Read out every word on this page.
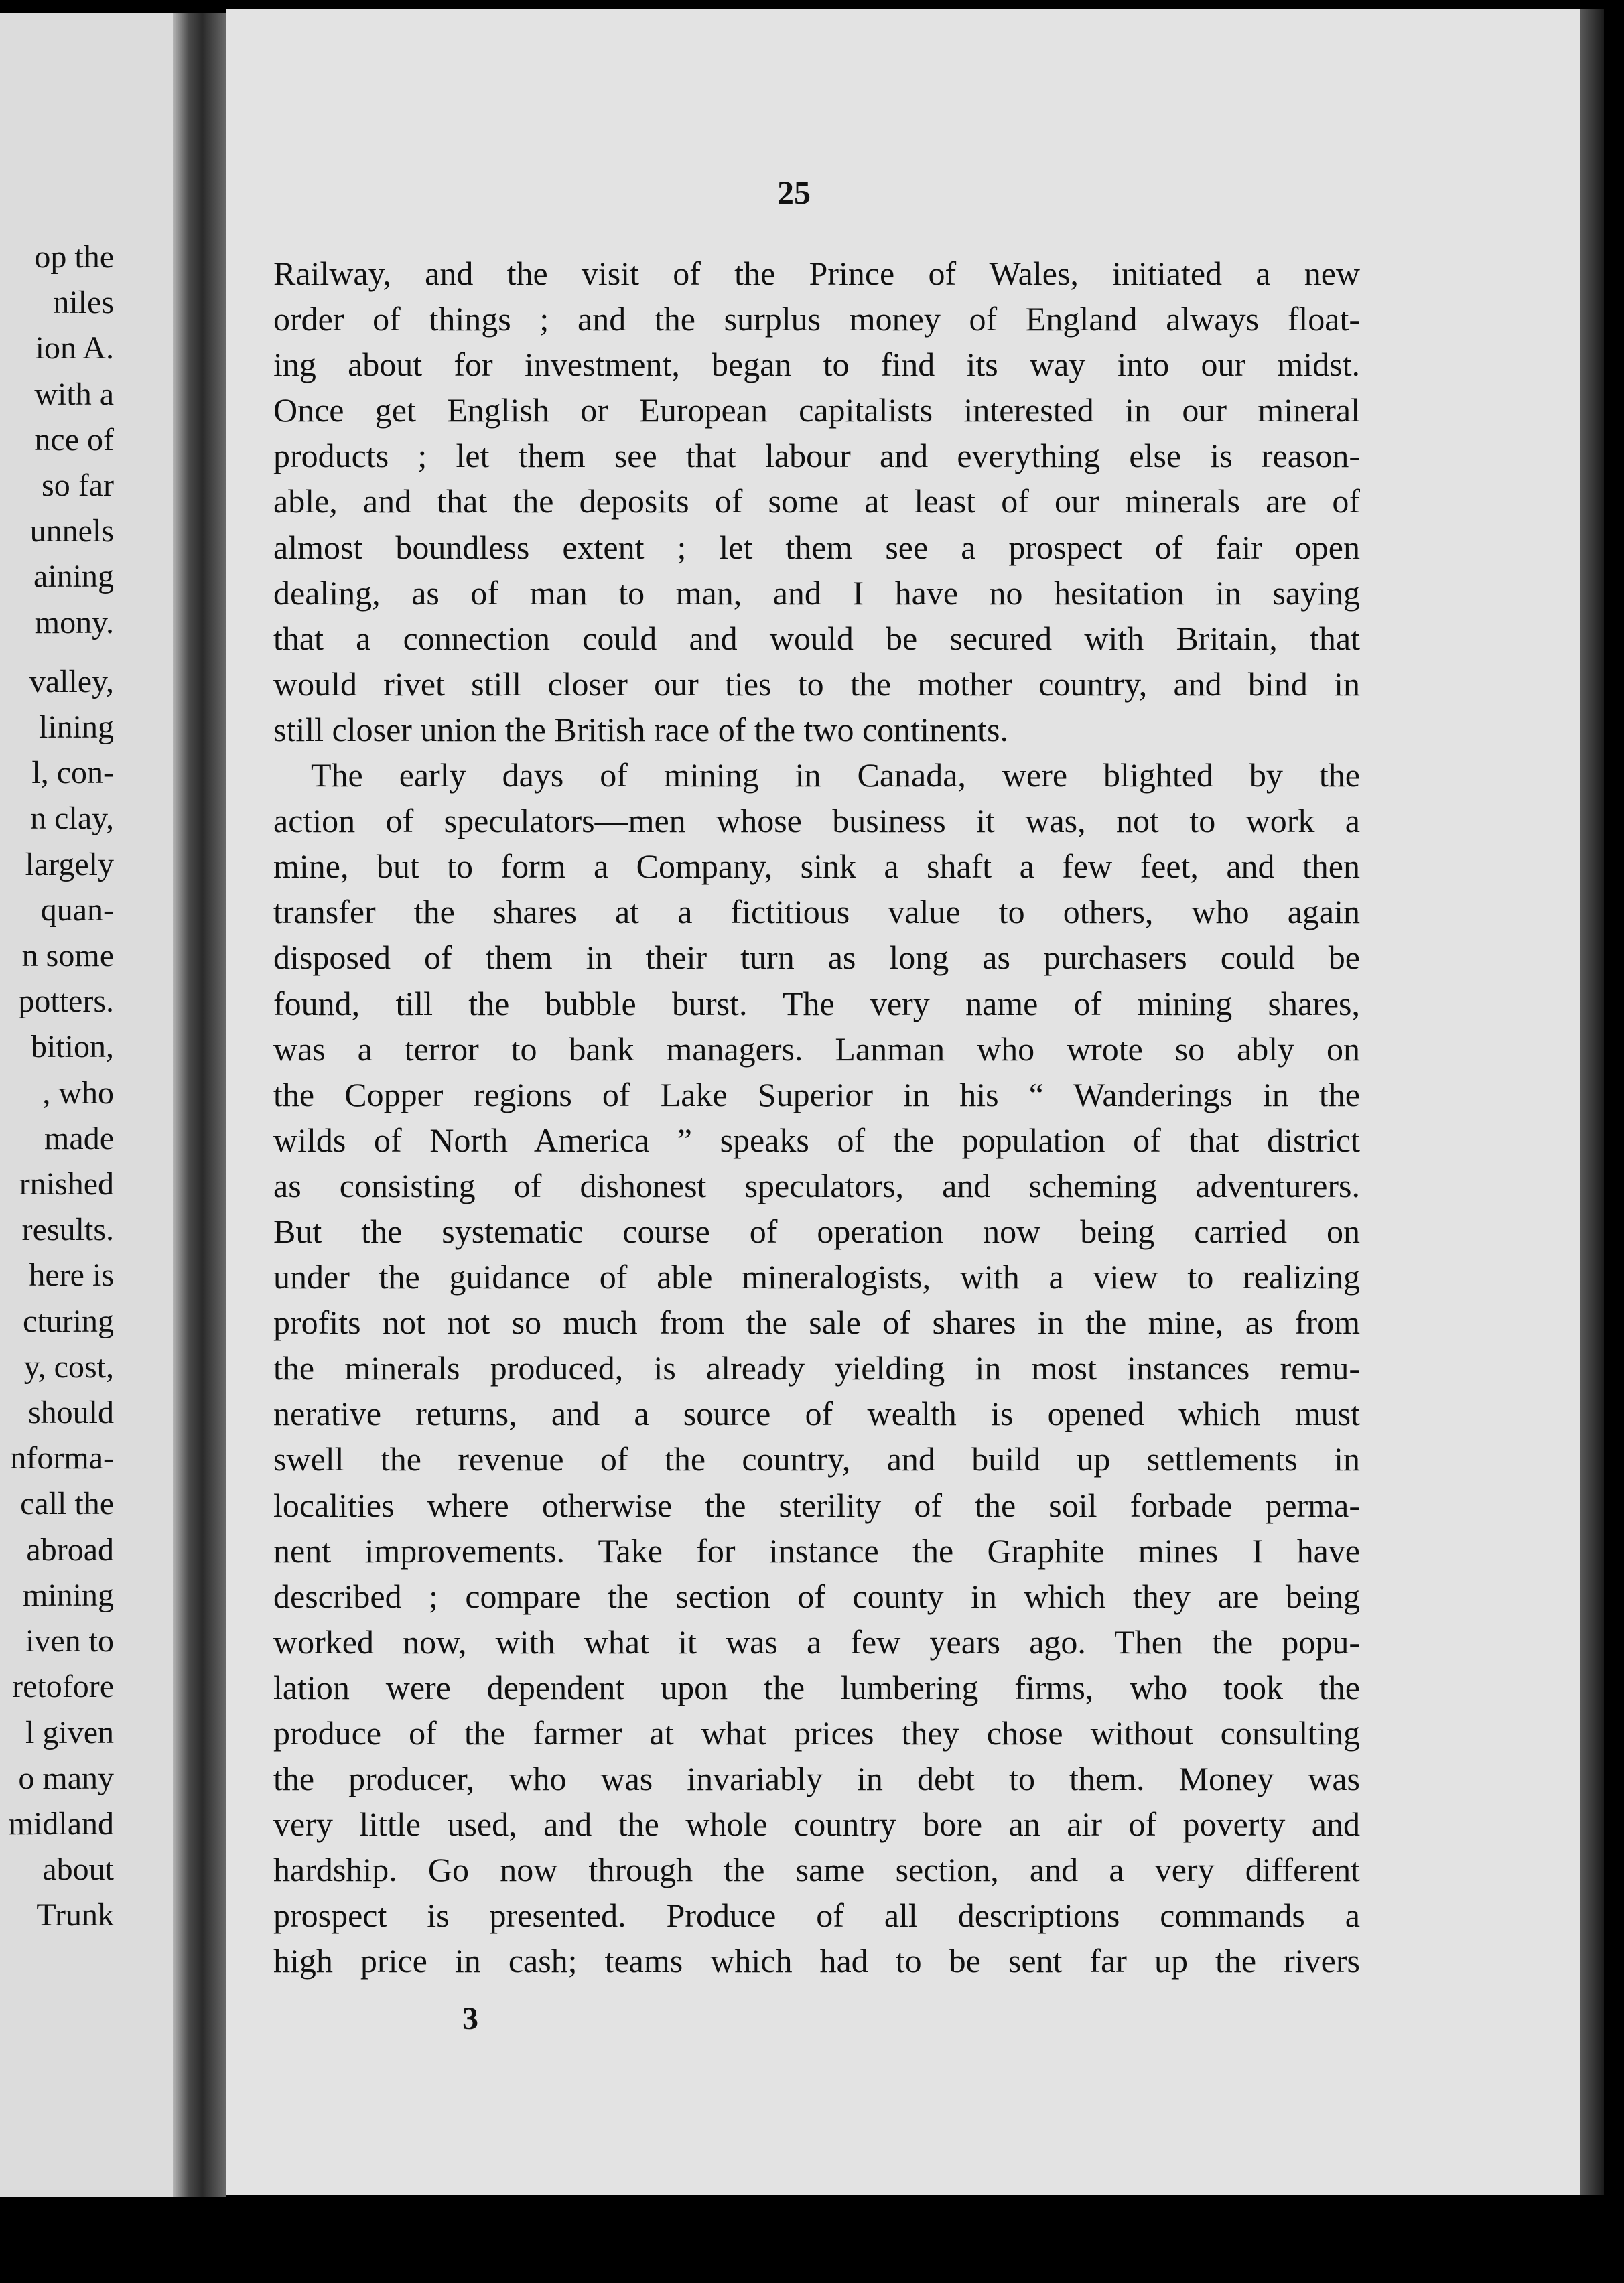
op the
niles
ion A.
with a
nce of
so far
unnels
aining
mony.
valley,
lining
l, con-
n clay,
largely
quan-
n some
potters.
bition,
, who
made
rnished
results.
here is
cturing
y, cost,
should
nforma-
call the
abroad
mining
iven to
retofore
l given
o many
midland
about
Trunk
25
Railway, and the visit of the Prince of Wales, initiated a new
order of things ; and the surplus money of England always float-
ing about for investment, began to find its way into our midst.
Once get English or European capitalists interested in our mineral
products ; let them see that labour and everything else is reason-
able, and that the deposits of some at least of our minerals are of
almost boundless extent ; let them see a prospect of fair open
dealing, as of man to man, and I have no hesitation in saying
that a connection could and would be secured with Britain, that
would rivet still closer our ties to the mother country, and bind in
still closer union the British race of the two continents.
The early days of mining in Canada, were blighted by the
action of speculators—men whose business it was, not to work a
mine, but to form a Company, sink a shaft a few feet, and then
transfer the shares at a fictitious value to others, who again
disposed of them in their turn as long as purchasers could be
found, till the bubble burst. The very name of mining shares,
was a terror to bank managers. Lanman who wrote so ably on
the Copper regions of Lake Superior in his “ Wanderings in the
wilds of North America ” speaks of the population of that district
as consisting of dishonest speculators, and scheming adventurers.
But the systematic course of operation now being carried on
under the guidance of able mineralogists, with a view to realizing
profits not not so much from the sale of shares in the mine, as from
the minerals produced, is already yielding in most instances remu-
nerative returns, and a source of wealth is opened which must
swell the revenue of the country, and build up settlements in
localities where otherwise the sterility of the soil forbade perma-
nent improvements. Take for instance the Graphite mines I have
described ; compare the section of county in which they are being
worked now, with what it was a few years ago. Then the popu-
lation were dependent upon the lumbering firms, who took the
produce of the farmer at what prices they chose without consulting
the producer, who was invariably in debt to them. Money was
very little used, and the whole country bore an air of poverty and
hardship. Go now through the same section, and a very different
prospect is presented. Produce of all descriptions commands a
high price in cash; teams which had to be sent far up the rivers
3
